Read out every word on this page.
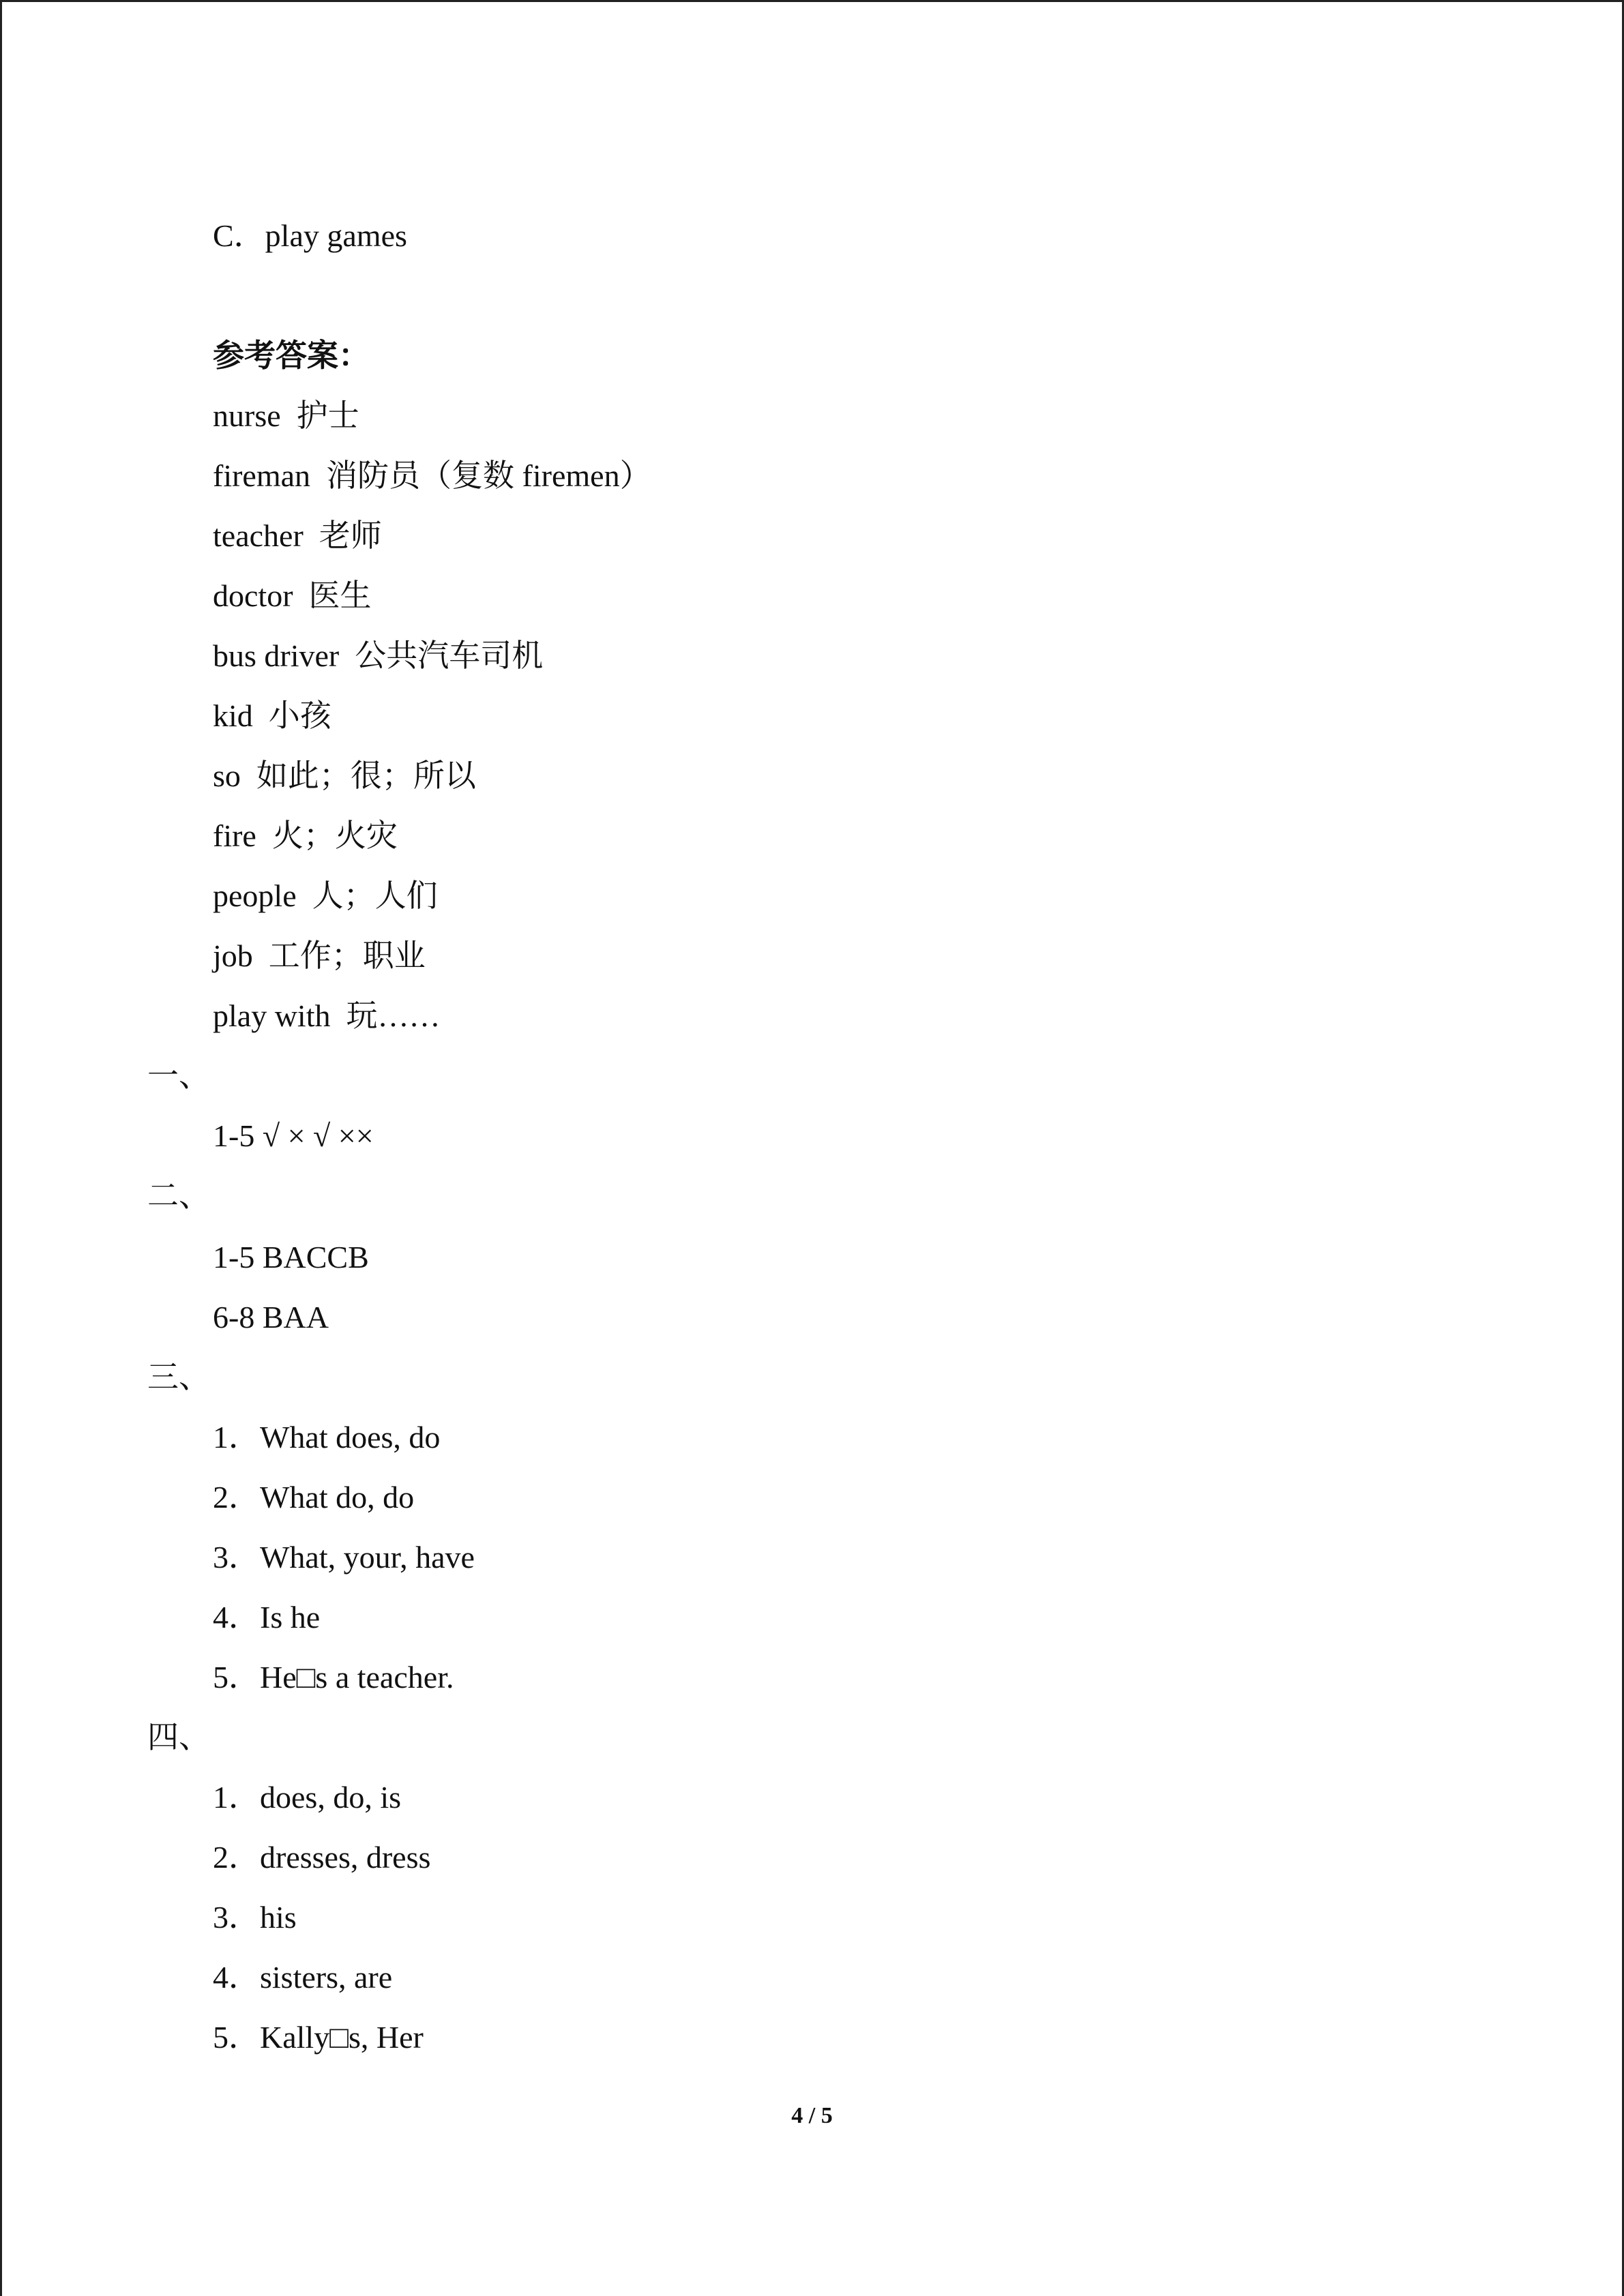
C．play games
参考答案：
nurse  护士
fireman  消防员（复数 firemen）
teacher  老师
doctor  医生
bus driver  公共汽车司机
kid  小孩
so  如此；很；所以
fire  火；火灾
people  人；人们
job  工作；职业
play with  玩……
一、
1-5 √ × √ ××
二、
1-5 BACCB
6-8 BAA
三、
1．What does, do
2．What do, do
3．What, your, have
4．Is he
5．He□s a teacher.
四、
1．does, do, is
2．dresses, dress
3．his
4．sisters, are
5．Kally□s, Her
4 / 5
